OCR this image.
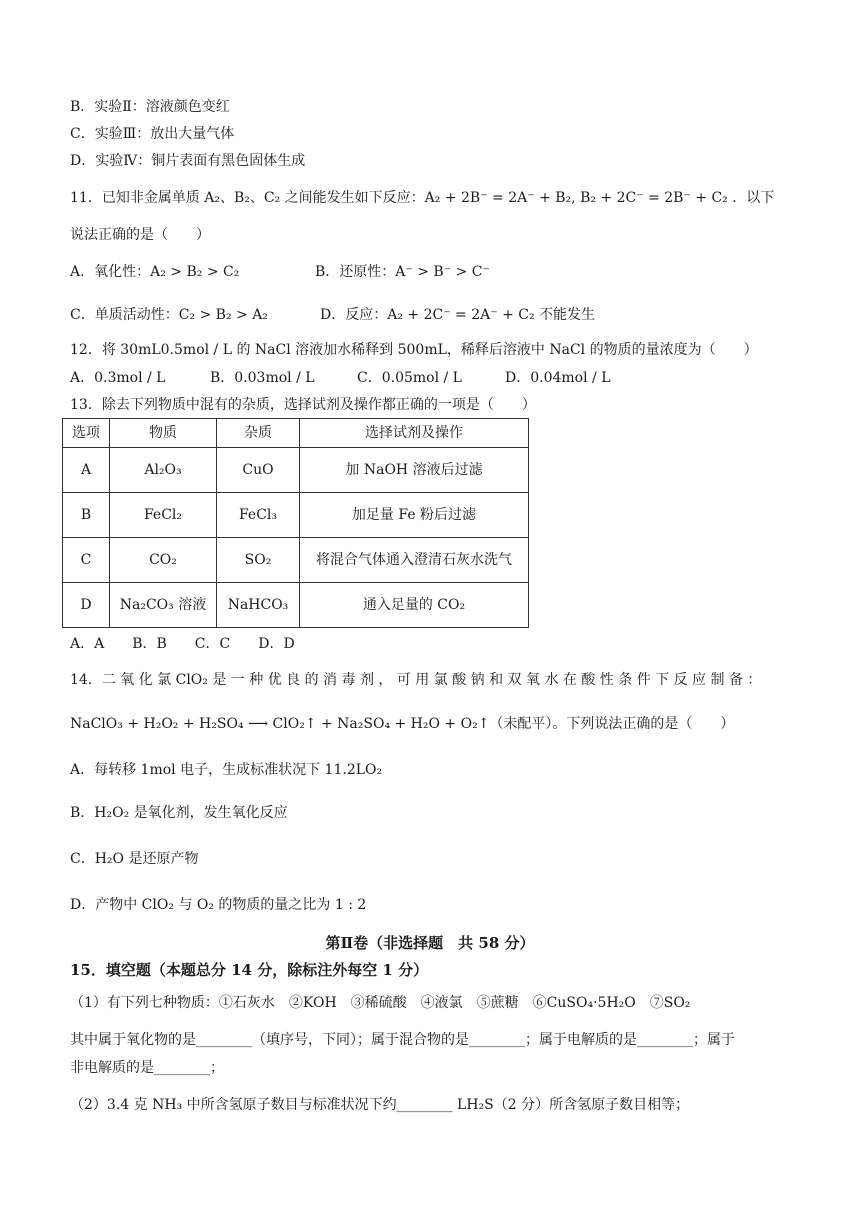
B．实验Ⅱ：溶液颜色变红
C．实验Ⅲ：放出大量气体
D．实验Ⅳ：铜片表面有黑色固体生成
11．已知非金属单质 A₂、B₂、C₂ 之间能发生如下反应：A₂ + 2B⁻ = 2A⁻ + B₂, B₂ + 2C⁻ = 2B⁻ + C₂ ．以下
说法正确的是（　　）
A．氧化性：A₂ > B₂ > C₂	B．还原性：A⁻ > B⁻ > C⁻
C．单质活动性：C₂ > B₂ > A₂	D．反应：A₂ + 2C⁻ = 2A⁻ + C₂ 不能发生
12．将 30mL0.5mol / L 的 NaCl 溶液加水稀释到 500mL，稀释后溶液中 NaCl 的物质的量浓度为（　　）
A．0.3mol / L	B．0.03mol / L	C．0.05mol / L	D．0.04mol / L
13．除去下列物质中混有的杂质，选择试剂及操作都正确的一项是（　　）
选项	物质	杂质	选择试剂及操作
A	Al₂O₃	CuO	加 NaOH 溶液后过滤
B	FeCl₂	FeCl₃	加足量 Fe 粉后过滤
C	CO₂	SO₂	将混合气体通入澄清石灰水洗气
D	Na₂CO₃ 溶液	NaHCO₃	通入足量的 CO₂
A．A　　B．B　　C．C　　D．D
14．二 氧 化 氯 ClO₂ 是 一 种 优 良 的 消 毒 剂 ， 可 用 氯 酸 钠 和 双 氧 水 在 酸 性 条 件 下 反 应 制 备 ：
NaClO₃ + H₂O₂ + H₂SO₄ ⟶ ClO₂↑ + Na₂SO₄ + H₂O + O₂↑（未配平）。下列说法正确的是（　　）
A．每转移 1mol 电子，生成标准状况下 11.2LO₂
B．H₂O₂ 是氧化剂，发生氧化反应
C．H₂O 是还原产物
D．产物中 ClO₂ 与 O₂ 的物质的量之比为 1 : 2
第Ⅱ卷（非选择题　共 58 分）
15．填空题（本题总分 14 分，除标注外每空 1 分）
（1）有下列七种物质：①石灰水　②KOH　③稀硫酸　④液氯　⑤蔗糖　⑥CuSO₄·5H₂O　⑦SO₂
其中属于氧化物的是________（填序号，下同）；属于混合物的是________；属于电解质的是________；属于
非电解质的是________；
（2）3.4 克 NH₃ 中所含氢原子数目与标准状况下约________ LH₂S（2 分）所含氢原子数目相等；
